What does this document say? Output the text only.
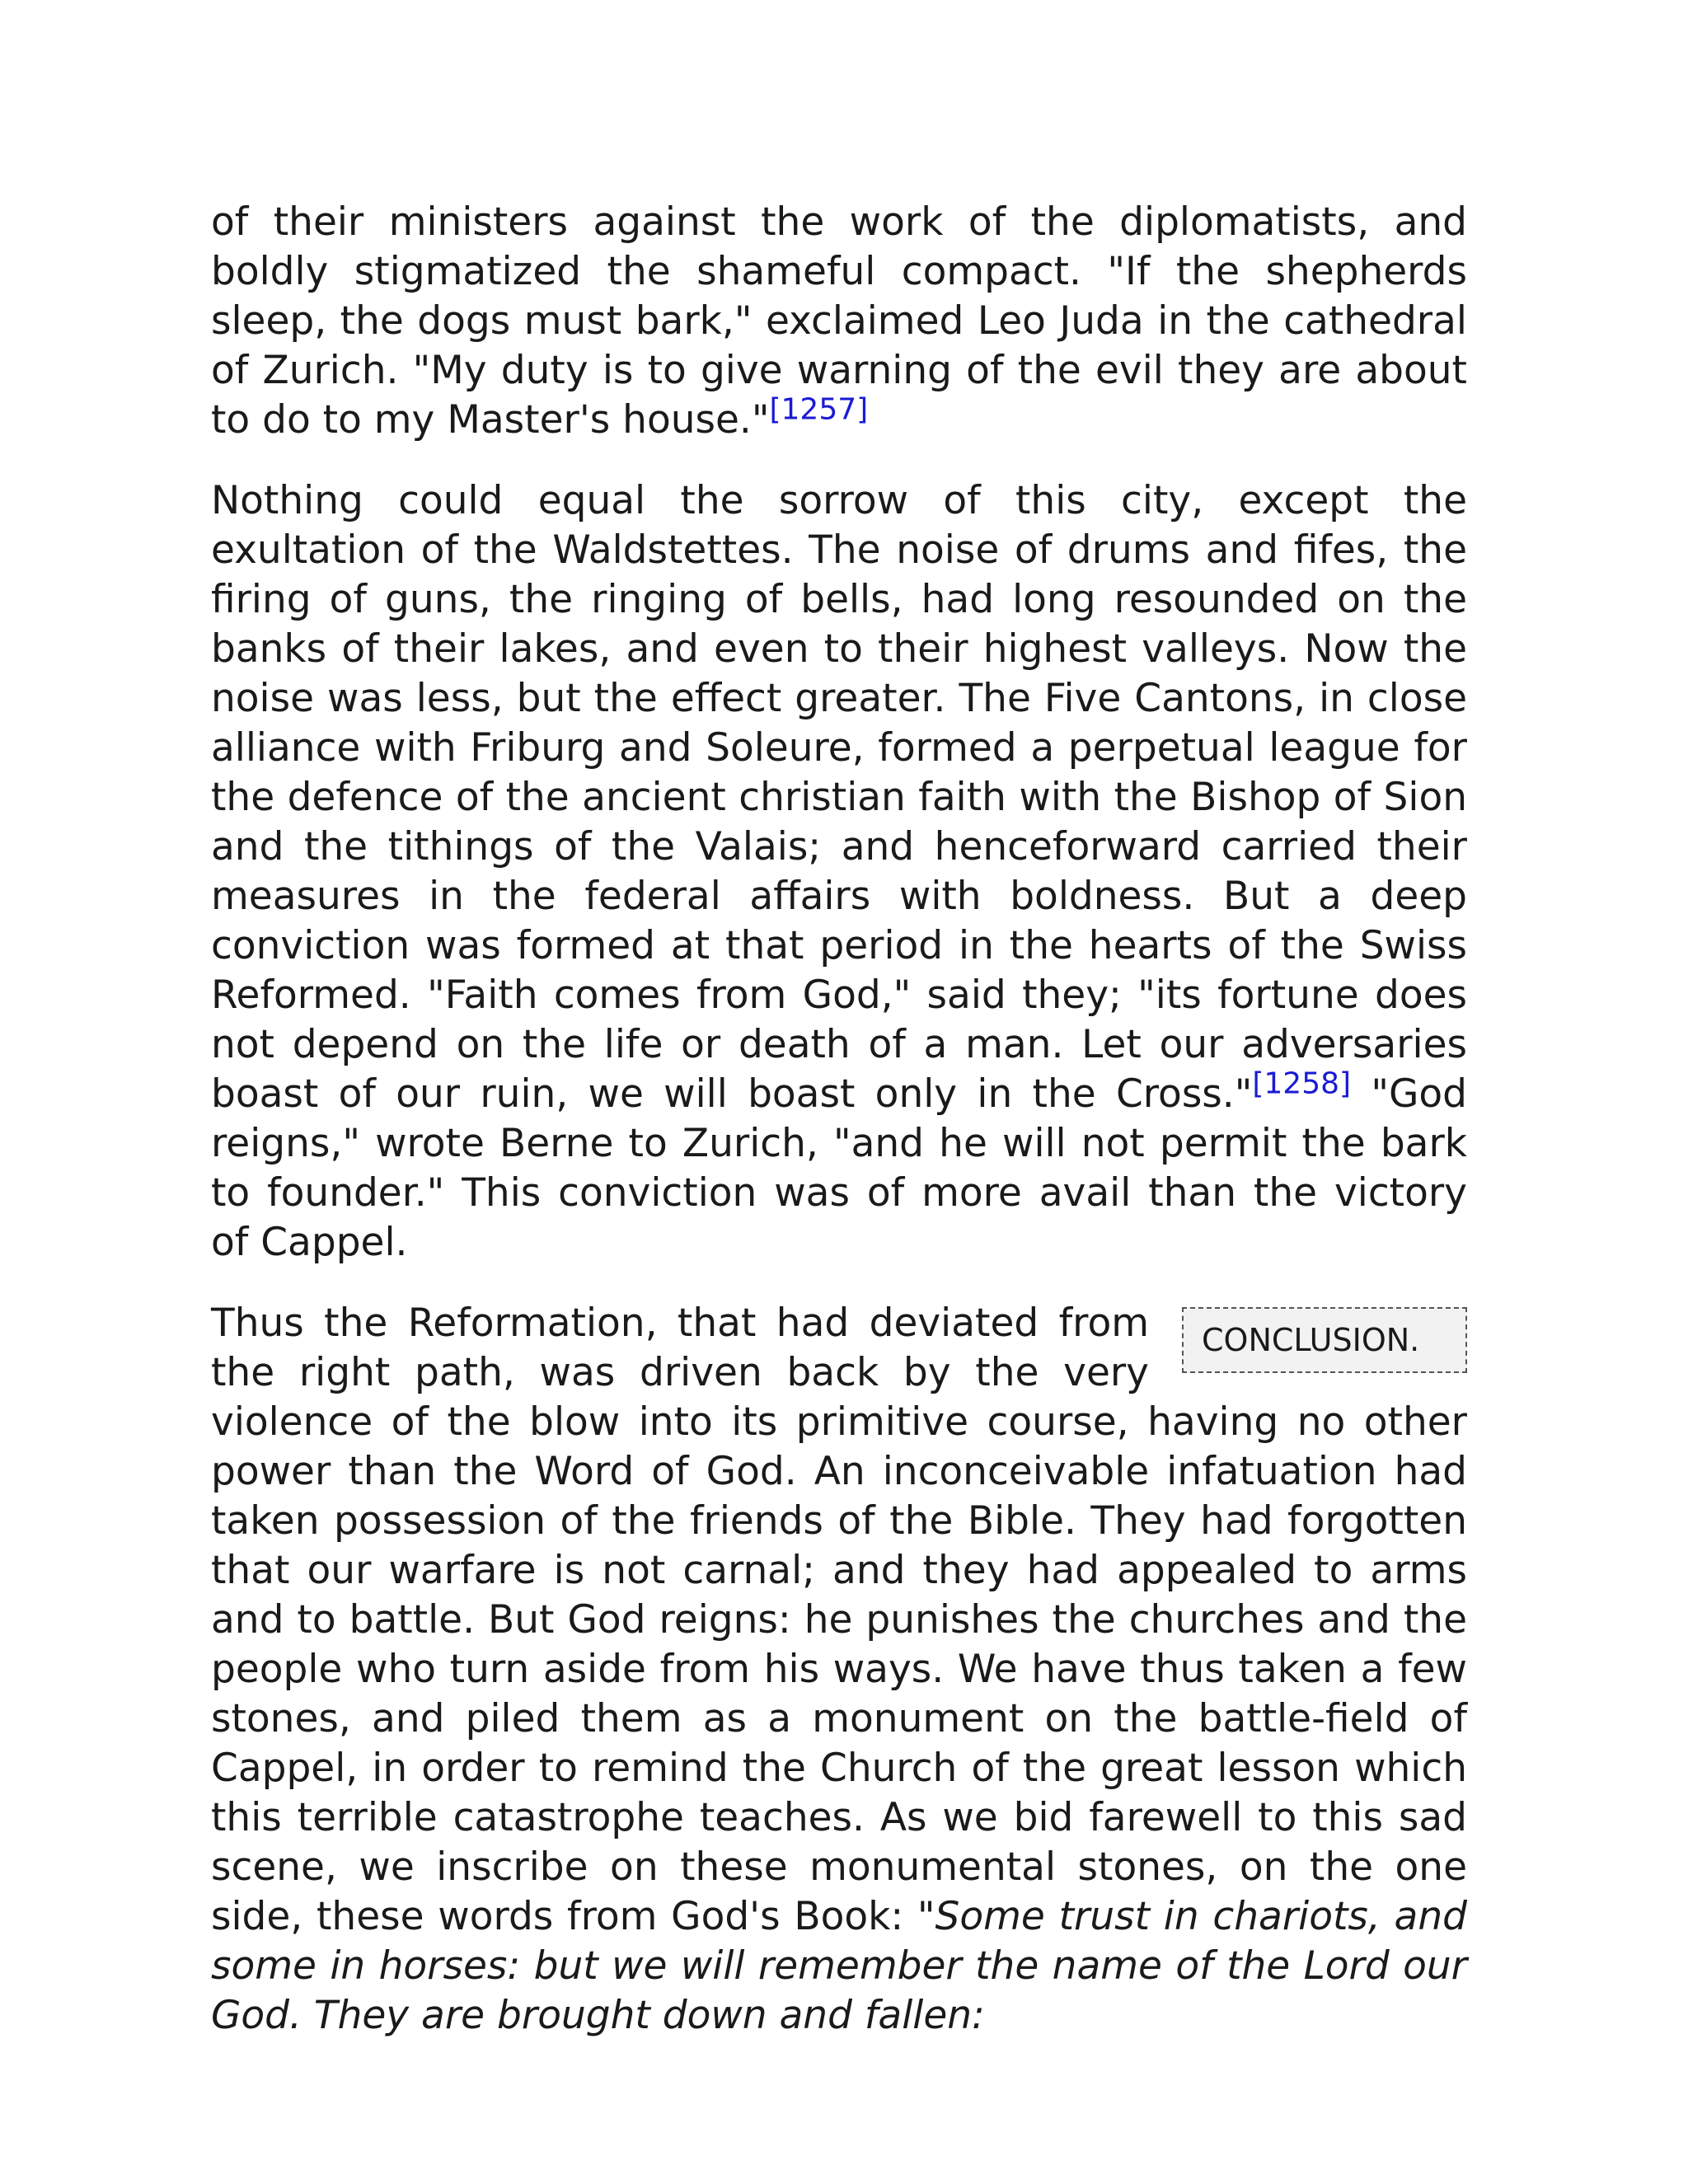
of their ministers against the work of the diplomatists, and boldly stigmatized the shameful compact. "If the shepherds sleep, the dogs must bark," exclaimed Leo Juda in the cathedral of Zurich. "My duty is to give warning of the evil they are about to do to my Master's house."[1257]

Nothing could equal the sorrow of this city, except the exultation of the Waldstettes. The noise of drums and fifes, the firing of guns, the ringing of bells, had long resounded on the banks of their lakes, and even to their highest valleys. Now the noise was less, but the effect greater. The Five Cantons, in close alliance with Friburg and Soleure, formed a perpetual league for the defence of the ancient christian faith with the Bishop of Sion and the tithings of the Valais; and henceforward carried their measures in the federal affairs with boldness. But a deep conviction was formed at that period in the hearts of the Swiss Reformed. "Faith comes from God," said they; "its fortune does not depend on the life or death of a man. Let our adversaries boast of our ruin, we will boast only in the Cross."[1258] "God reigns," wrote Berne to Zurich, "and he will not permit the bark to founder." This conviction was of more avail than the victory of Cappel.

CONCLUSION.
Thus the Reformation, that had deviated from the right path, was driven back by the very violence of the blow into its primitive course, having no other power than the Word of God. An inconceivable infatuation had taken possession of the friends of the Bible. They had forgotten that our warfare is not carnal; and they had appealed to arms and to battle. But God reigns: he punishes the churches and the people who turn aside from his ways. We have thus taken a few stones, and piled them as a monument on the battle-field of Cappel, in order to remind the Church of the great lesson which this terrible catastrophe teaches. As we bid farewell to this sad scene, we inscribe on these monumental stones, on the one side, these words from God's Book: "Some trust in chariots, and some in horses: but we will remember the name of the Lord our God. They are brought down and fallen:
